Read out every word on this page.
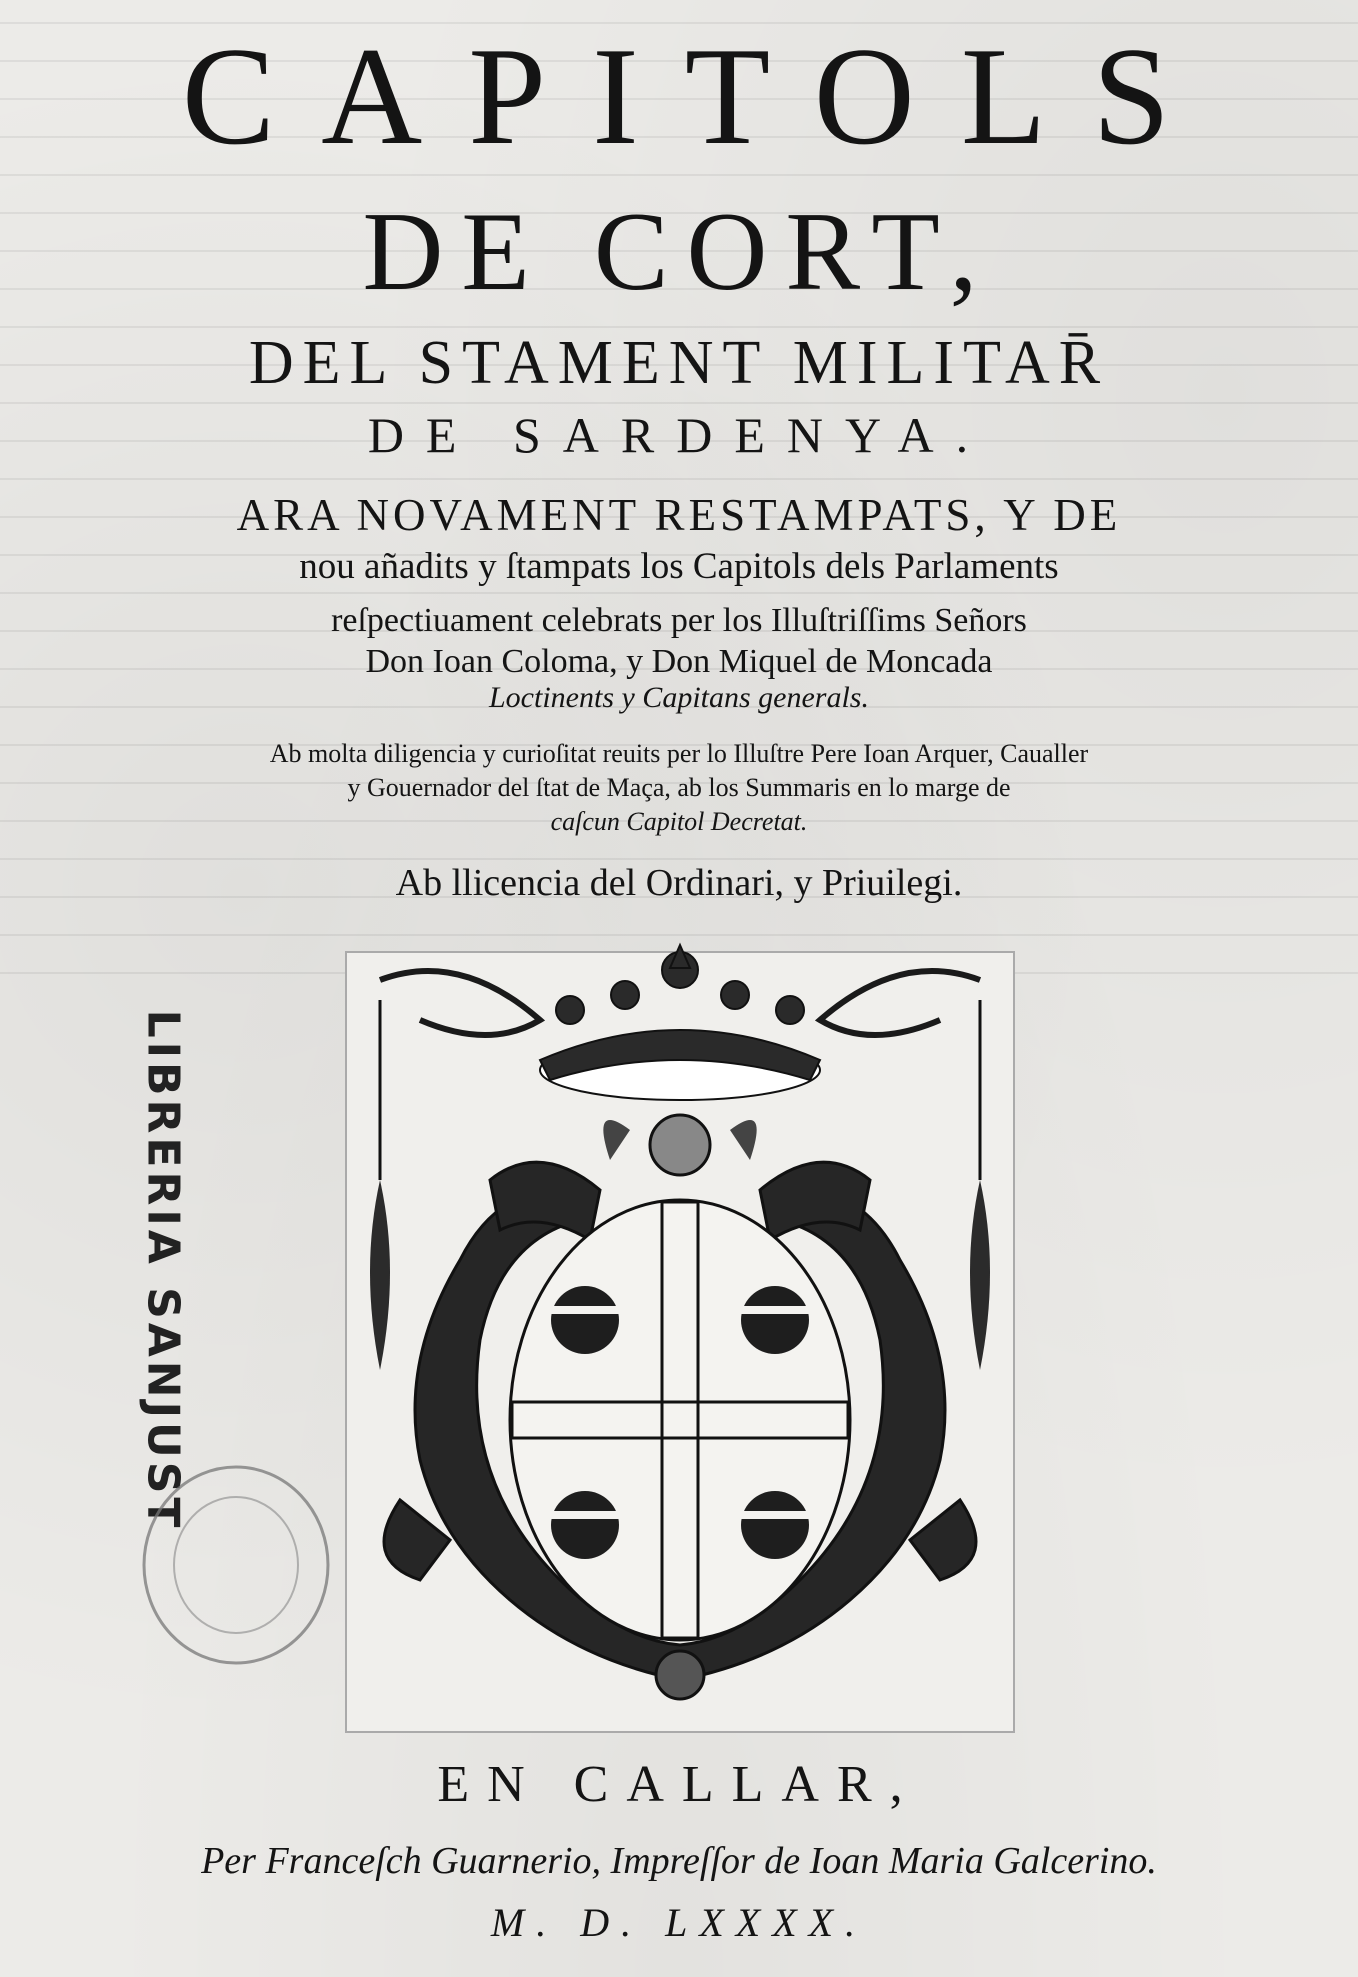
CAPITOLS
DE CORT,
DEL STAMENT MILITAR̄
DE SARDENYA.
ARA NOVAMENT RESTAMPATS, Y DE
nou añadits y ſtampats los Capitols dels Parlaments
reſpectiuament celebrats per los Illuſtriſſims Señors
Don Ioan Coloma, y Don Miquel de Moncada
Loctinents y Capitans generals.
Ab molta diligencia y curioſitat reuits per lo Illuſtre Pere Ioan Arquer, Caualler
y Gouernador del ſtat de Maça, ab los Summaris en lo marge de
caſcun Capitol Decretat.
Ab llicencia del Ordinari, y Priuilegi.
LIBRERIA SANJUST
EN CALLAR,
Per Franceſch Guarnerio, Impreſſor de Ioan Maria Galcerino.
M. D. LXXXX.
